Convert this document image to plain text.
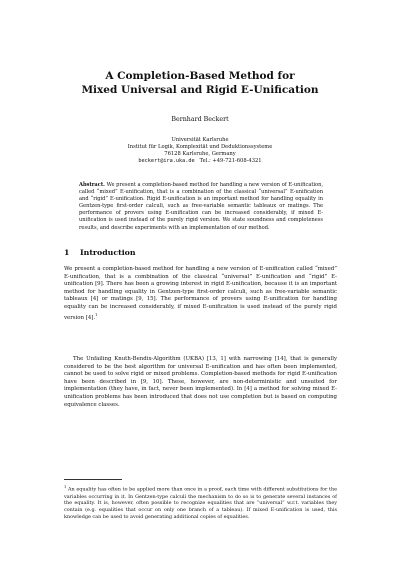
A Completion-Based Method for
Mixed Universal and Rigid E-Unification
Bernhard Beckert
Universität Karlsruhe
Institut für Logik, Komplexität und Deduktionssysteme
76128 Karlsruhe, Germany
beckert@ira.uka.de Tel.: +49-721-608-4321
Abstract. We present a completion-based method for handling a new version of E-unification, called “mixed” E-unification, that is a combination of the classical “universal” E-unification and “rigid” E-unification. Rigid E-unification is an important method for handling equality in Gentzen-type first-order calculi, such as free-variable semantic tableaux or matings. The performance of provers using E-unification can be increased considerably, if mixed E-unification is used instead of the purely rigid version. We state soundness and completeness results, and describe experiments with an implementation of our method.
1 Introduction
We present a completion-based method for handling a new version of E-unification called “mixed” E-unification, that is a combination of the classical “universal” E-unification and “rigid” E-unification [9]. There has been a growing interest in rigid E-unification, because it is an important method for handling equality in Gentzen-type first-order calculi, such as free-variable semantic tableaux [4] or matings [9, 15]. The performance of provers using E-unification for handling equality can be increased considerably, if mixed E-unification is used instead of the purely rigid version [4].$^1$
The Unfailing Knuth-Bendix-Algorithm (UKBA) [13, 1] with narrowing [14], that is generally considered to be the best algorithm for universal E-unification and has often been implemented, cannot be used to solve rigid or mixed problems. Completion-based methods for rigid E-unification have been described in [9, 10]. These, however, are non-deterministic and unsuited for implementation (they have, in fact, never been implemented). In [4] a method for solving mixed E-unification problems has been introduced that does not use completion but is based on computing equivalence classes.
$^1$ An equality has often to be applied more than once in a proof, each time with different substitutions for the variables occurring in it. In Gentzen-type calculi the mechanism to do so is to generate several instances of the equality. It is, however, often possible to recognize equalities that are “universal” w.r.t. variables they contain (e.g. equalities that occur on only one branch of a tableau). If mixed E-unification is used, this knowledge can be used to avoid generating additional copies of equalities.
